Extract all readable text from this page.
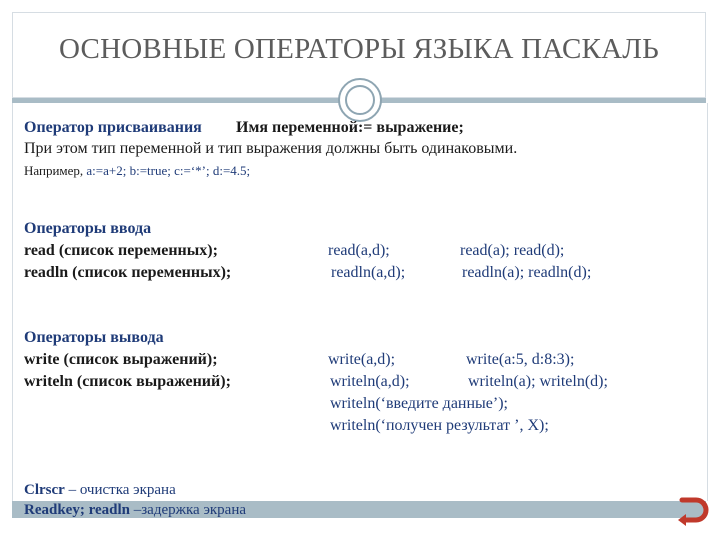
ОСНОВНЫЕ ОПЕРАТОРЫ ЯЗЫКА ПАСКАЛЬ
Оператор присваивания Имя переменной:= выражение;
При этом тип переменной и тип выражения должны быть одинаковыми.
Например, a:=a+2; b:=true; c:=‘*’; d:=4.5;
Операторы ввода
read (список переменных);
readln (список переменных);
read(a,d);
readln(a,d);
read(a); read(d);
readln(a); readln(d);
Операторы вывода
write (список выражений);
writeln (список выражений);
write(a,d);
writeln(a,d);
writeln(‘введите данные’);
writeln(‘получен результат ’, X);
write(a:5, d:8:3);
writeln(a); writeln(d);
Clrscr – очистка экрана
Readkey; readln –задержка экрана
